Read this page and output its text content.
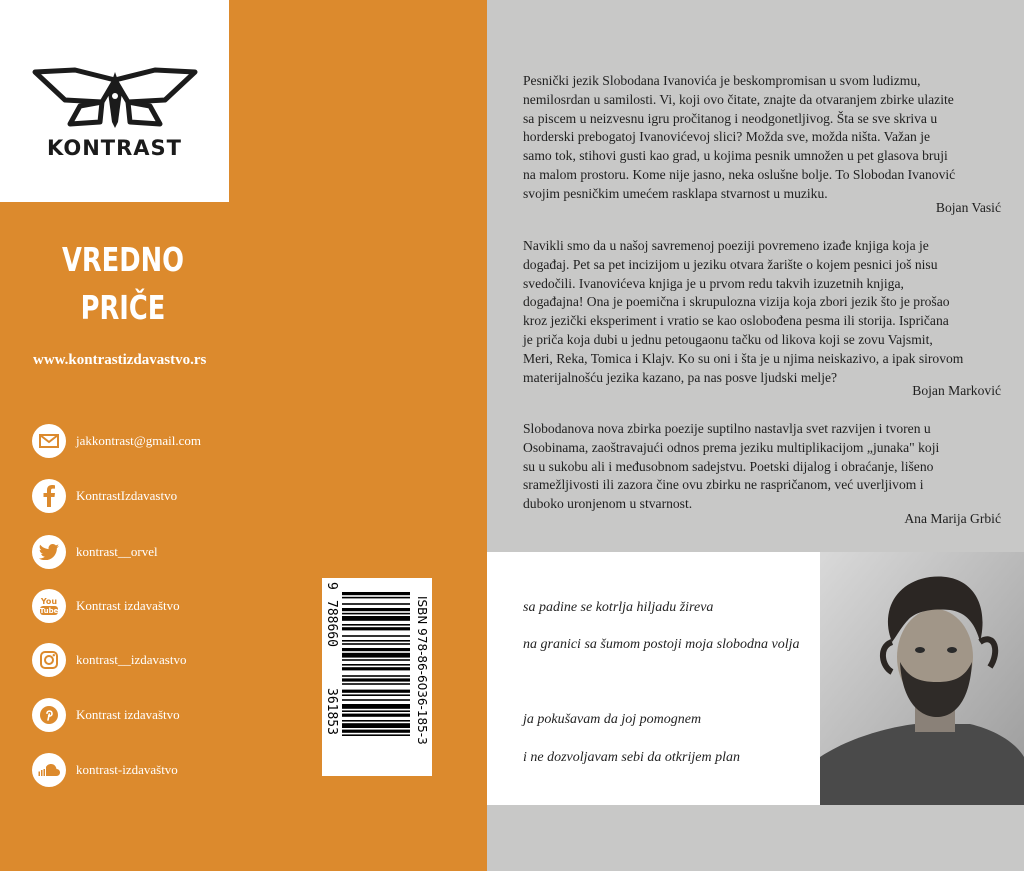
KONTRAST
VREDNO
PRIČE
www.kontrastizdavastvo.rs
jakkontrast@gmail.com
KontrastIzdavastvo
kontrast__orvel
You
Tube Kontrast izdavaštvo
kontrast__izdavastvo
Kontrast izdavaštvo
kontrast-izdavaštvo
ISBN 978-86-6036-185-3
9
788660
361853
Pesnički jezik Slobodana Ivanovića je beskompromisan u svom ludizmu,
nemilosrdan u samilosti. Vi, koji ovo čitate, znajte da otvaranjem zbirke ulazite
sa piscem u neizvesnu igru pročitanog i neodgonetljivog. Šta se sve skriva u
horderski prebogatoj Ivanovićevoj slici? Možda sve, možda ništa. Važan je
samo tok, stihovi gusti kao grad, u kojima pesnik umnožen u pet glasova bruji
na malom prostoru. Kome nije jasno, neka oslušne bolje. To Slobodan Ivanović
svojim pesničkim umećem rasklapa stvarnost u muziku.
Bojan Vasić
Navikli smo da u našoj savremenoj poeziji povremeno izađe knjiga koja je
događaj. Pet sa pet incizijom u jeziku otvara žarište o kojem pesnici još nisu
svedočili. Ivanovićeva knjiga je u prvom redu takvih izuzetnih knjiga,
događajna! Ona je poemična i skrupulozna vizija koja zbori jezik što je prošao
kroz jezički eksperiment i vratio se kao oslobođena pesma ili storija. Ispričana
je priča koja dubi u jednu petougaonu tačku od likova koji se zovu Vajsmit,
Meri, Reka, Tomica i Klajv. Ko su oni i šta je u njima neiskazivo, a ipak sirovom
materijalnošću jezika kazano, pa nas posve ljudski melje?
Bojan Marković
Slobodanova nova zbirka poezije suptilno nastavlja svet razvijen i tvoren u
Osobinama, zaoštravajući odnos prema jeziku multiplikacijom „junaka" koji
su u sukobu ali i međusobnom sadejstvu. Poetski dijalog i obraćanje, lišeno
sramežljivosti ili zazora čine ovu zbirku ne raspričanom, već uverljivom i
duboko uronjenom u stvarnost.
Ana Marija Grbić
sa padine se kotrlja hiljadu žireva
na granici sa šumom postoji moja slobodna volja
ja pokušavam da joj pomognem
i ne dozvoljavam sebi da otkrijem plan
